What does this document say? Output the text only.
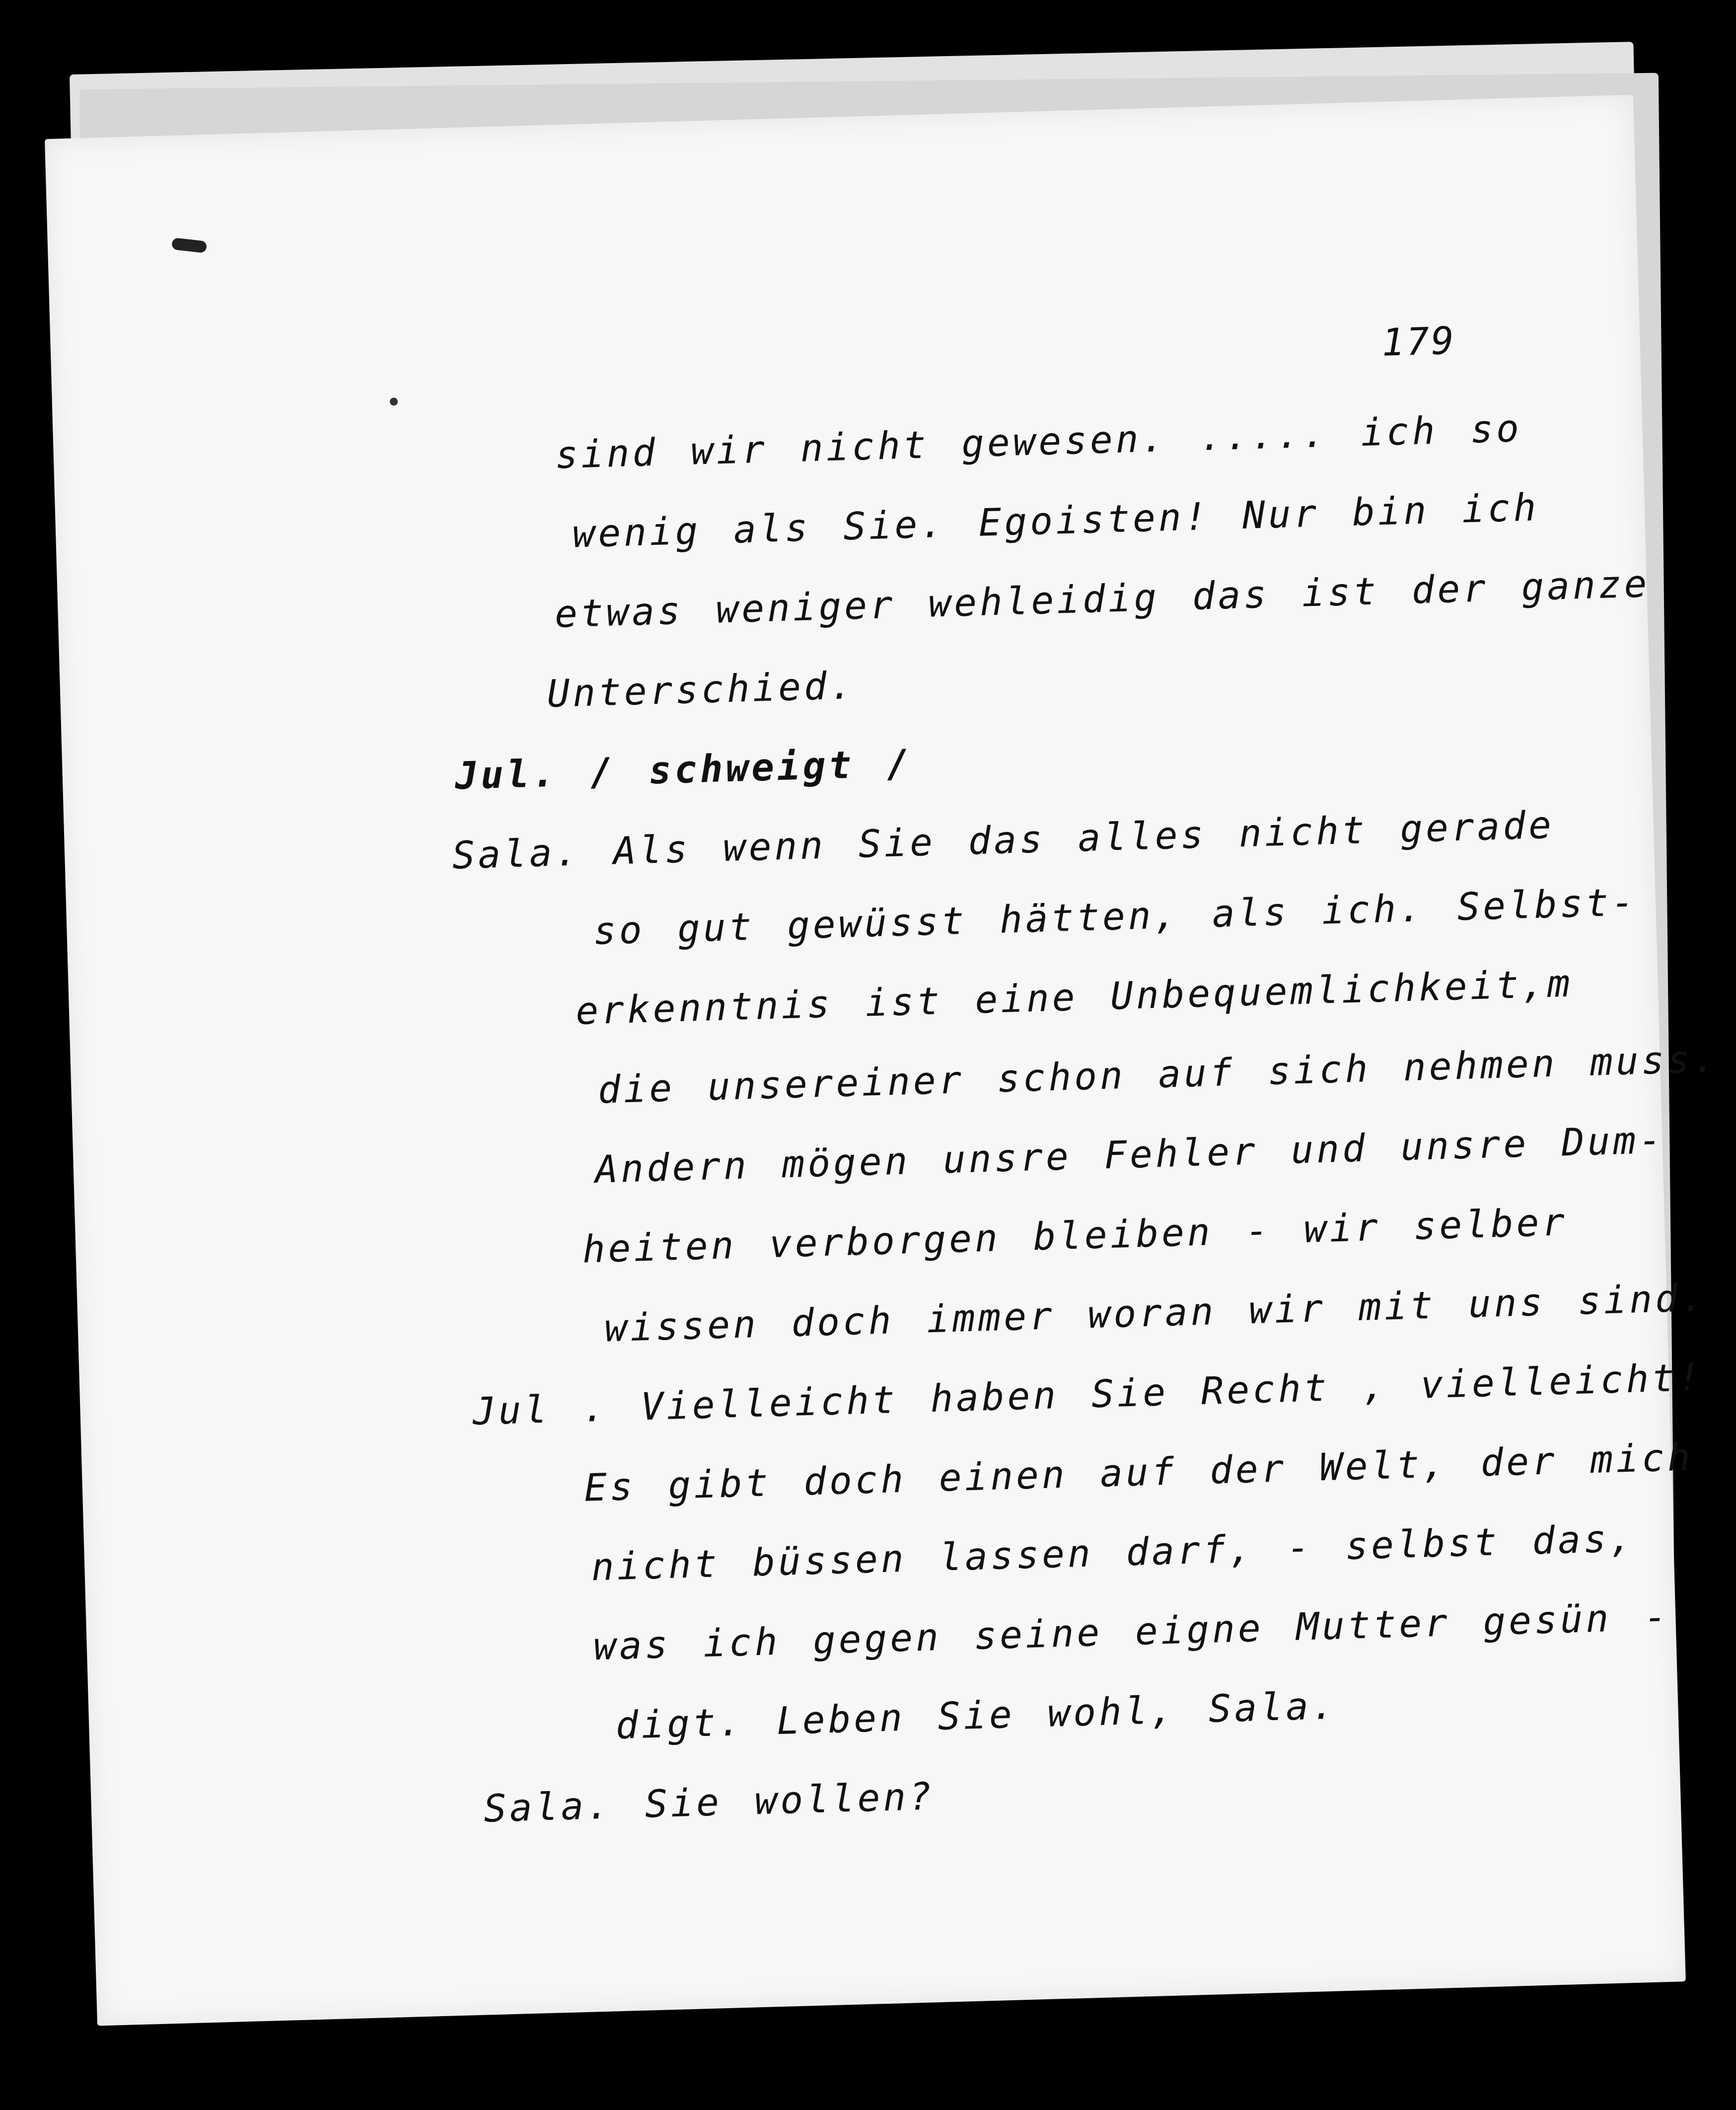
179
sind wir nicht gewesen. ..... ich so
wenig als Sie. Egoisten! Nur bin ich
etwas weniger wehleidig das ist der ganze
Unterschied.
Jul. / schweigt /
Sala. Als wenn Sie das alles nicht gerade
so gut gewüsst hätten, als ich. Selbst-
erkenntnis ist eine Unbequemlichkeit,m
die unsereiner schon auf sich nehmen muss.
Andern mögen unsre Fehler und unsre Dum-
heiten verborgen bleiben - wir selber
wissen doch immer woran wir mit uns sind.
Jul . Vielleicht haben Sie Recht , vielleicht!
Es gibt doch einen auf der Welt, der mich
nicht büssen lassen darf, - selbst das,
was ich gegen seine eigne Mutter gesün -
digt. Leben Sie wohl, Sala.
Sala. Sie wollen?
